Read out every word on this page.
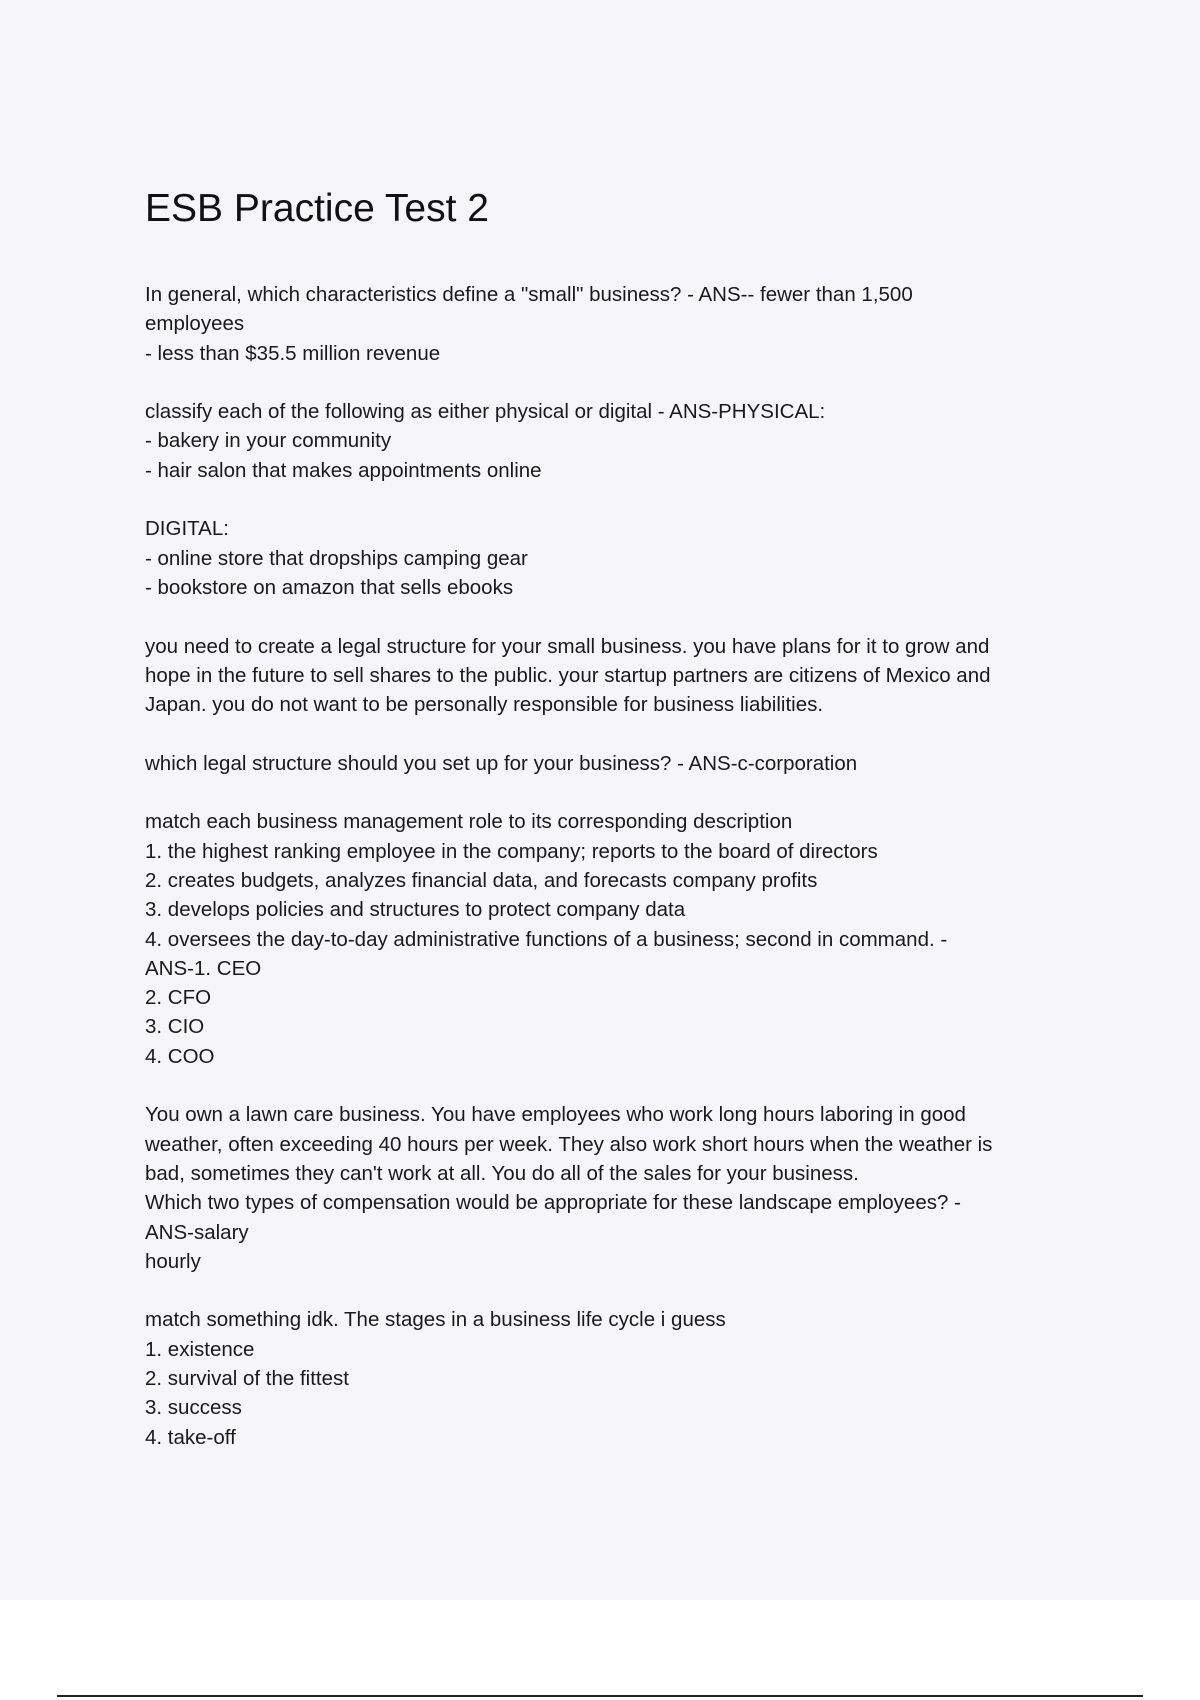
ESB Practice Test 2
In general, which characteristics define a "small" business? - ANS-- fewer than 1,500
employees
- less than $35.5 million revenue
classify each of the following as either physical or digital - ANS-PHYSICAL:
- bakery in your community
- hair salon that makes appointments online
DIGITAL:
- online store that dropships camping gear
- bookstore on amazon that sells ebooks
you need to create a legal structure for your small business. you have plans for it to grow and
hope in the future to sell shares to the public. your startup partners are citizens of Mexico and
Japan. you do not want to be personally responsible for business liabilities.
which legal structure should you set up for your business? - ANS-c-corporation
match each business management role to its corresponding description
1. the highest ranking employee in the company; reports to the board of directors
2. creates budgets, analyzes financial data, and forecasts company profits
3. develops policies and structures to protect company data
4. oversees the day-to-day administrative functions of a business; second in command. -
ANS-1. CEO
2. CFO
3. CIO
4. COO
You own a lawn care business. You have employees who work long hours laboring in good
weather, often exceeding 40 hours per week. They also work short hours when the weather is
bad, sometimes they can't work at all. You do all of the sales for your business.
Which two types of compensation would be appropriate for these landscape employees? -
ANS-salary
hourly
match something idk. The stages in a business life cycle i guess
1. existence
2. survival of the fittest
3. success
4. take-off
